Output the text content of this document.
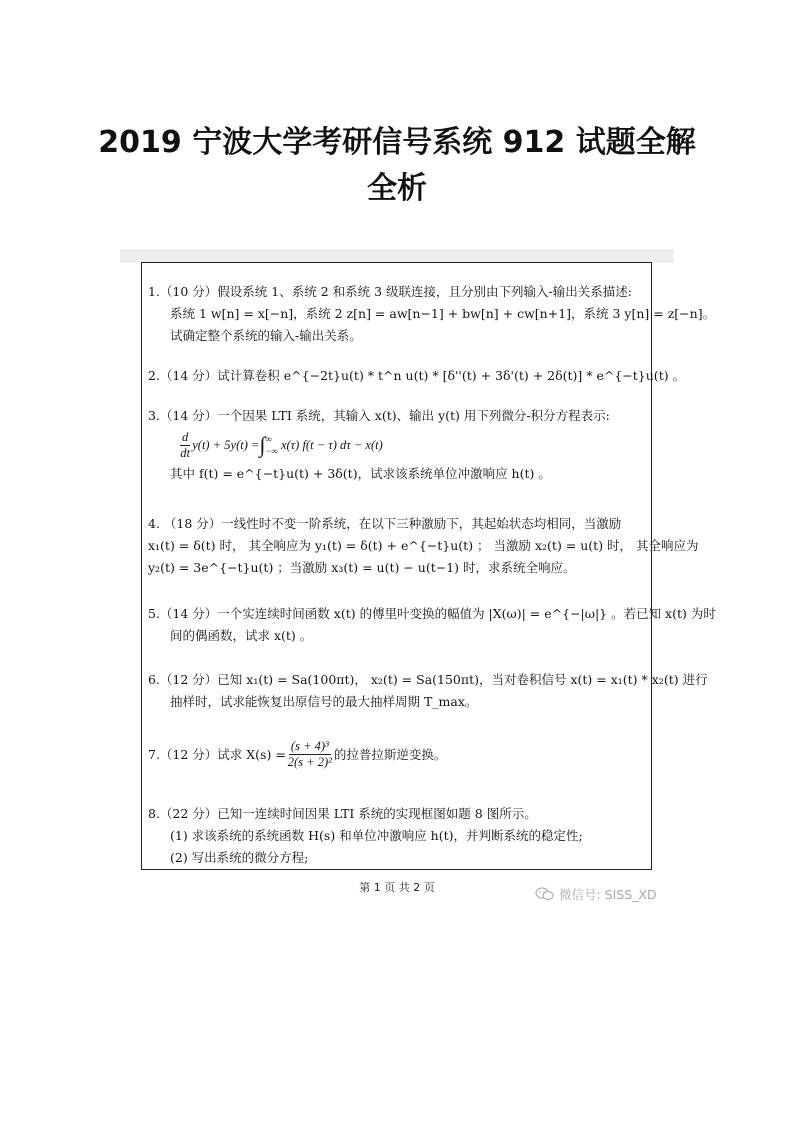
2019 宁波大学考研信号系统 912 试题全解
全析
1.（10 分）假设系统 1、系统 2 和系统 3 级联连接，且分别由下列输入-输出关系描述:
系统 1 w[n] = x[−n]，系统 2 z[n] = aw[n−1] + bw[n] + cw[n+1]，系统 3 y[n] = z[−n]。
试确定整个系统的输入-输出关系。
2.（14 分）试计算卷积 e^{−2t}u(t) * t^n u(t) * [δ''(t) + 3δ'(t) + 2δ(t)] * e^{−t}u(t) 。
3.（14 分）一个因果 LTI 系统，其输入 x(t)、输出 y(t) 用下列微分-积分方程表示:
$\frac{d}{dt} y(t) + 5y(t)$ = ∫ ∞
−∞ x(τ) f(t − τ) dτ − x(t)
其中 f(t) = e^{−t}u(t) + 3δ(t)，试求该系统单位冲激响应 h(t) 。
4. （18 分）一线性时不变一阶系统，在以下三种激励下，其起始状态均相同，当激励
x₁(t) = δ(t) 时， 其全响应为 y₁(t) = δ(t) + e^{−t}u(t) ； 当激励 x₂(t) = u(t) 时， 其全响应为
y₂(t) = 3e^{−t}u(t) ；当激励 x₃(t) = u(t) − u(t−1) 时，求系统全响应。
5.（14 分）一个实连续时间函数 x(t) 的傅里叶变换的幅值为 |X(ω)| = e^{−|ω|} 。若已知 x(t) 为时
间的偶函数，试求 x(t) 。
6.（12 分）已知 x₁(t) = Sa(100πt)， x₂(t) = Sa(150πt)，当对卷积信号 x(t) = x₁(t) * x₂(t) 进行
抽样时，试求能恢复出原信号的最大抽样周期 T_max。
7.（12 分）试求 $X(s) = \frac{\text{(s + 4)³}}{\text{2(s + 2)²}}$ 的拉普拉斯逆变换。
8.（22 分）已知一连续时间因果 LTI 系统的实现框图如题 8 图所示。
(1) 求该系统的系统函数 H(s) 和单位冲激响应 h(t)，并判断系统的稳定性;
(2) 写出系统的微分方程;
第 1 页 共 2 页	微信号: SISS_XD
